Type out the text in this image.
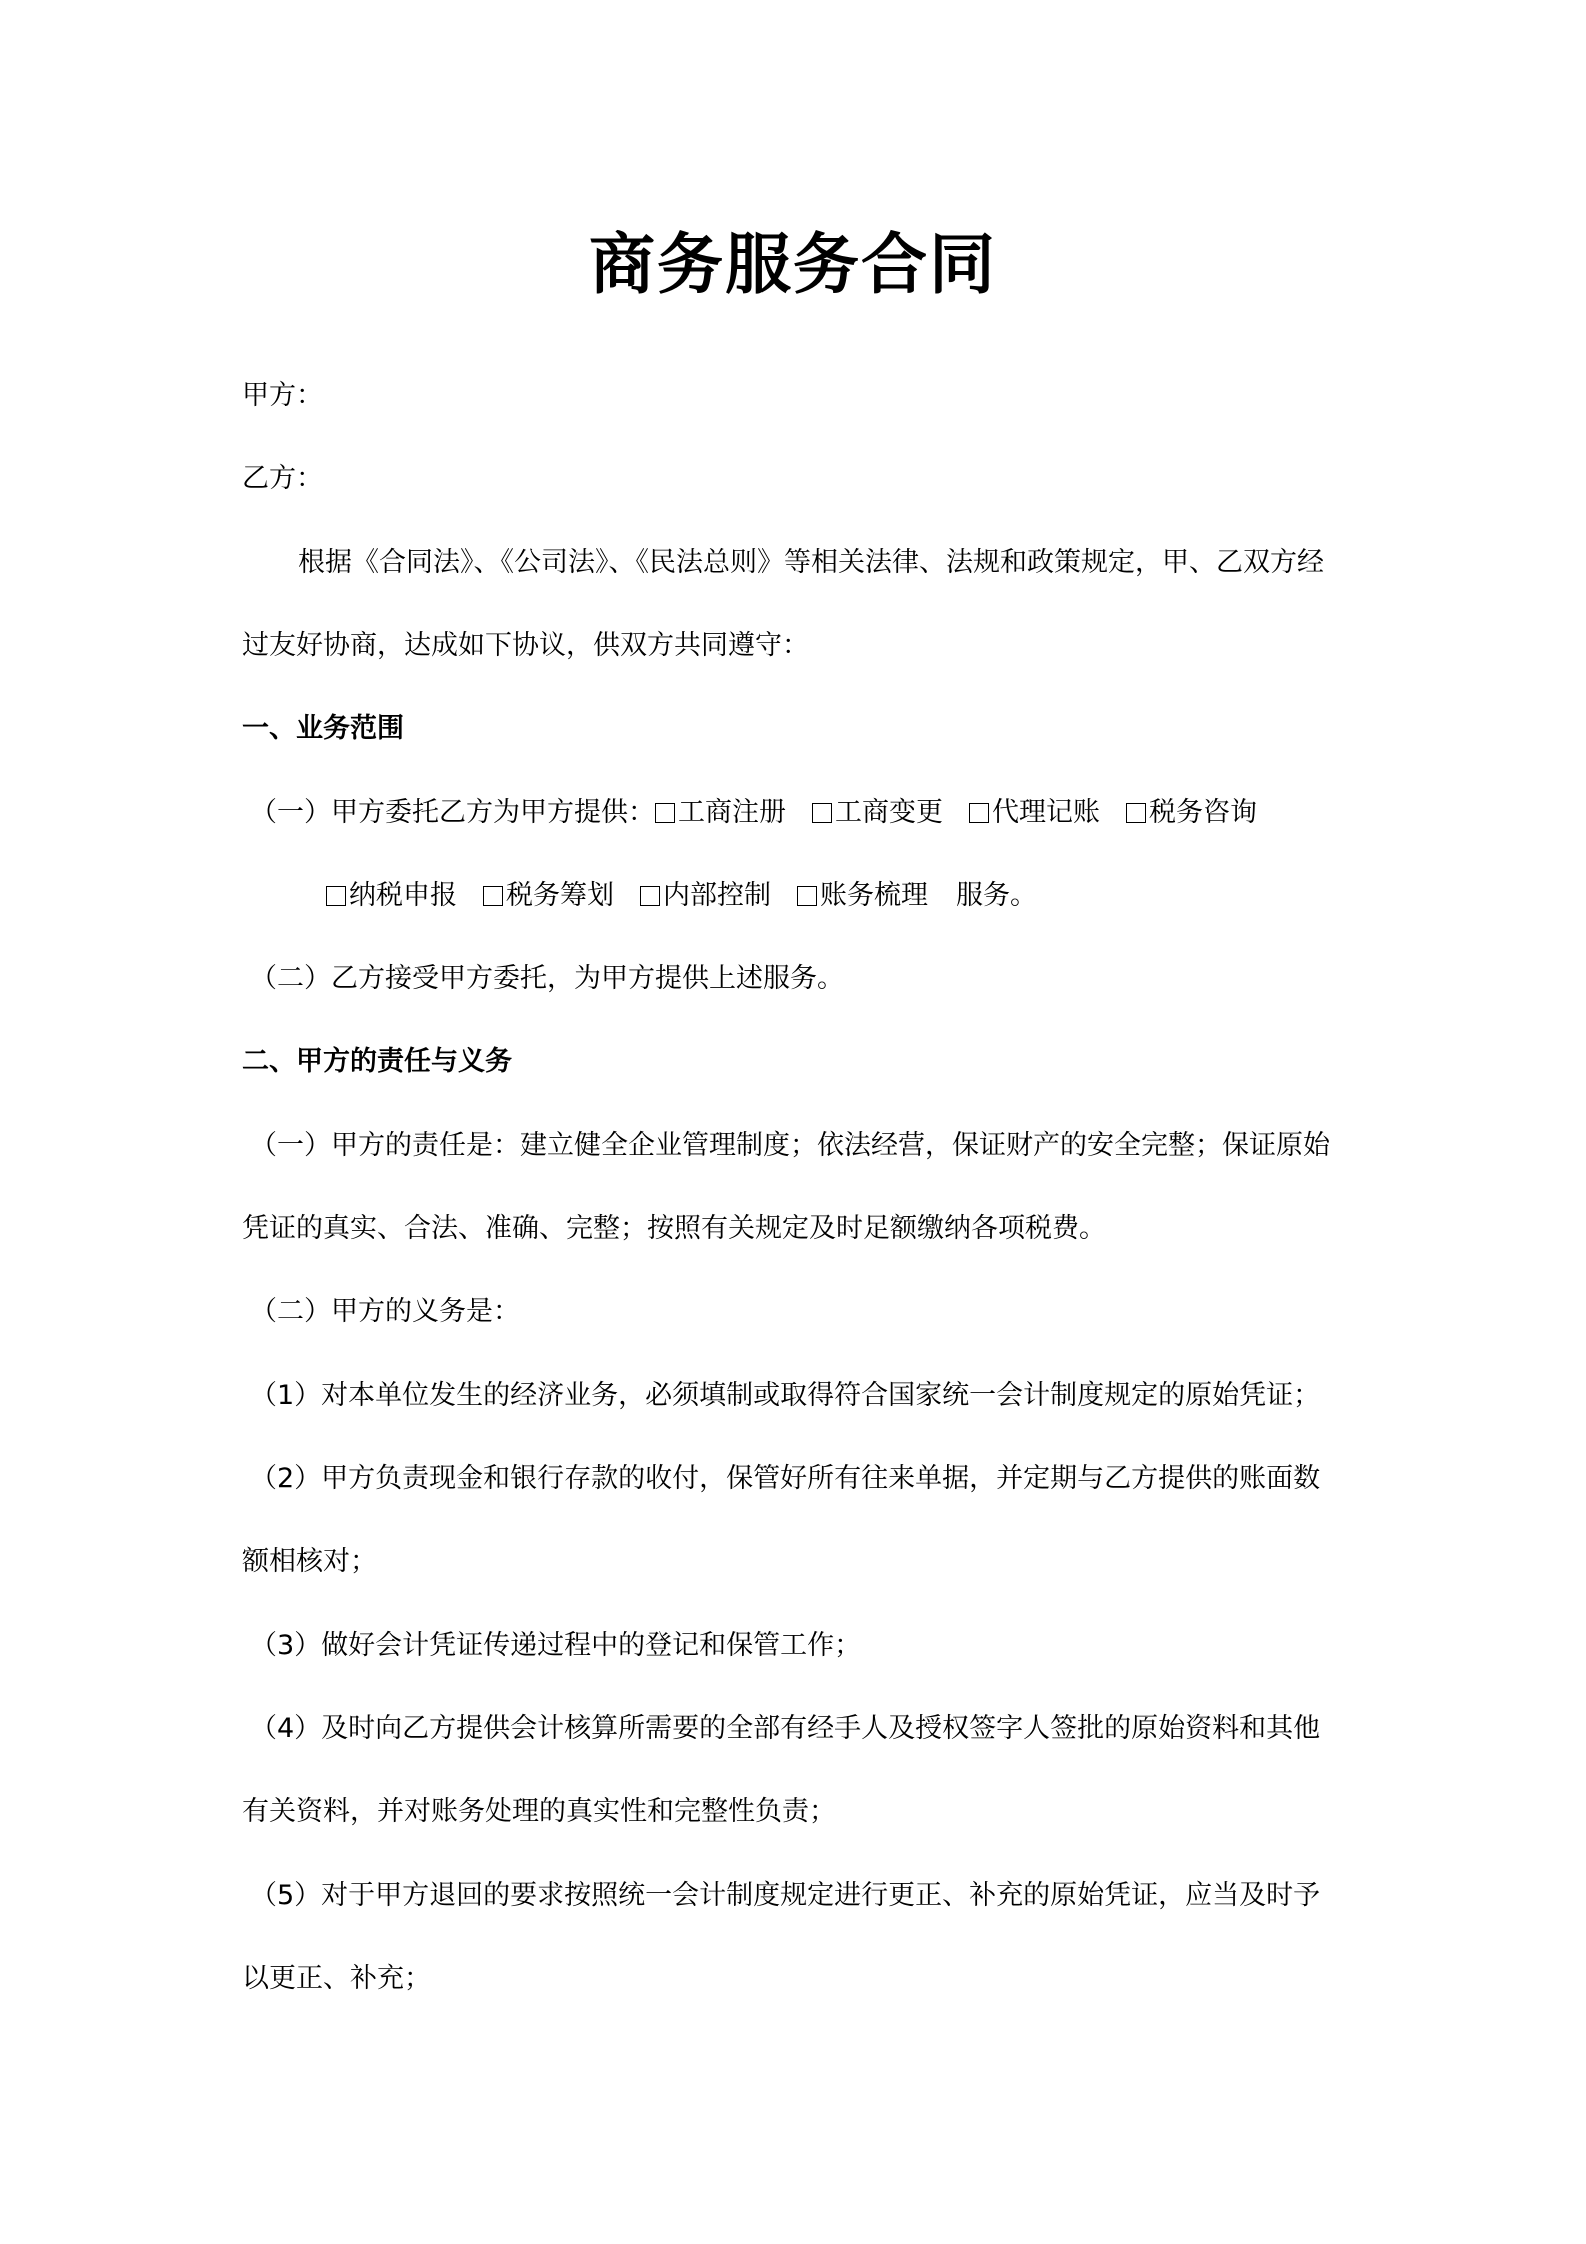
商务服务合同

甲方：

乙方：

根据《合同法》、《公司法》、《民法总则》等相关法律、法规和政策规定，甲、乙双方经

过友好协商，达成如下协议，供双方共同遵守：

一、业务范围

（一）甲方委托乙方为甲方提供： 工商注册 工商变更 代理记账 税务咨询

纳税申报 税务筹划 内部控制 账务梳理 服务。

（二）乙方接受甲方委托，为甲方提供上述服务。

二、甲方的责任与义务

（一）甲方的责任是：建立健全企业管理制度；依法经营，保证财产的安全完整；保证原始

凭证的真实、合法、准确、完整；按照有关规定及时足额缴纳各项税费。

（二）甲方的义务是：

（1）对本单位发生的经济业务，必须填制或取得符合国家统一会计制度规定的原始凭证；

（2）甲方负责现金和银行存款的收付，保管好所有往来单据，并定期与乙方提供的账面数

额相核对；

（3）做好会计凭证传递过程中的登记和保管工作；

（4）及时向乙方提供会计核算所需要的全部有经手人及授权签字人签批的原始资料和其他

有关资料，并对账务处理的真实性和完整性负责；

（5）对于甲方退回的要求按照统一会计制度规定进行更正、补充的原始凭证，应当及时予

以更正、补充；
